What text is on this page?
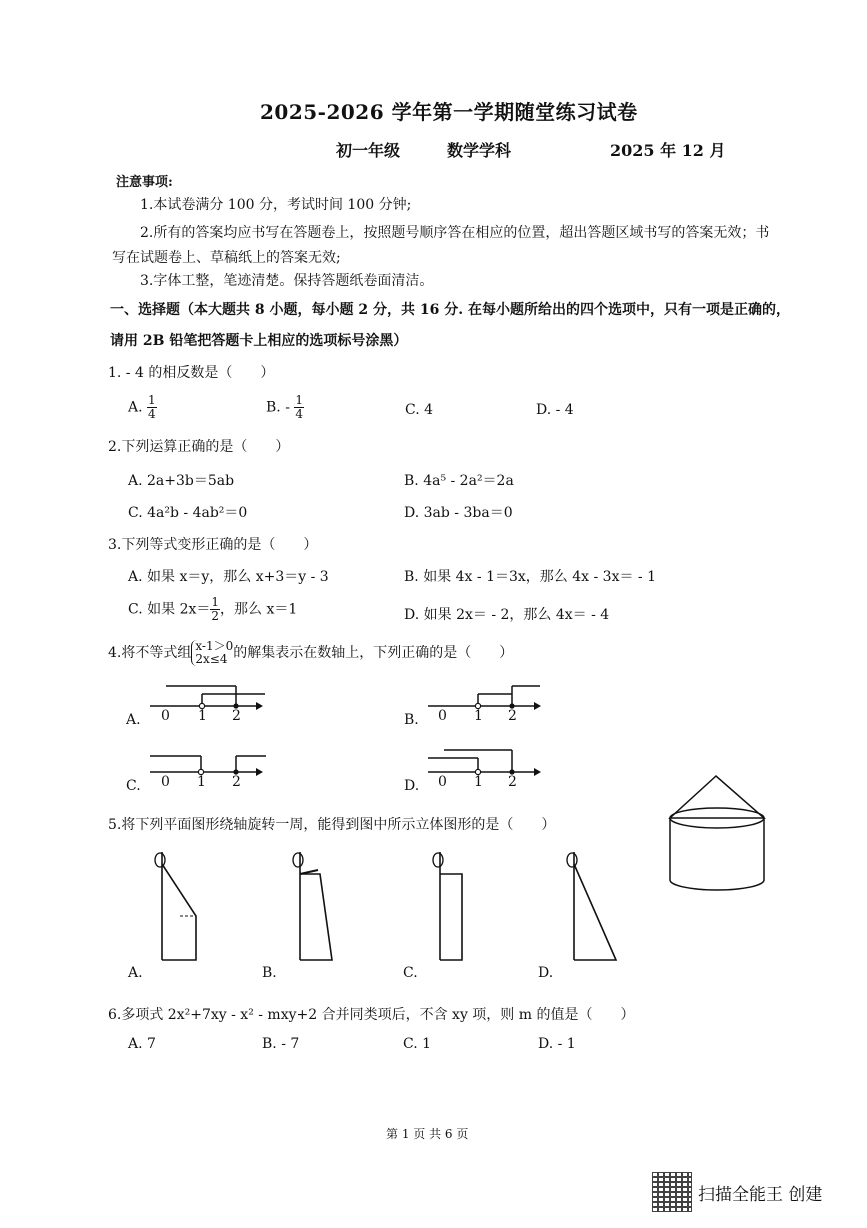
2025-2026 学年第一学期随堂练习试卷
初一年级	数学学科	2025 年 12 月
注意事项:
1.本试卷满分 100 分，考试时间 100 分钟;
2.所有的答案均应书写在答题卷上，按照题号顺序答在相应的位置，超出答题区域书写的答案无效；书
写在试题卷上、草稿纸上的答案无效;
3.字体工整，笔迹清楚。保持答题纸卷面清洁。
一、选择题（本大题共 8 小题，每小题 2 分，共 16 分. 在每小题所给出的四个选项中，只有一项是正确的，
请用 2B 铅笔把答题卡上相应的选项标号涂黑）
1. - 4 的相反数是（　　）
A. $\frac{1}{4}$	B. - $\frac{1}{4}$	C. 4	D. - 4
2.下列运算正确的是（　　）
A. 2a+3b＝5ab	B. 4a⁵ - 2a²＝2a
C. 4a²b - 4ab²＝0	D. 3ab - 3ba＝0
3.下列等式变形正确的是（　　）
A. 如果 x＝y，那么 x+3＝y - 3	B. 如果 4x - 1＝3x，那么 4x - 3x＝ - 1
C. 如果 $2x= \frac{1}{2}$ ，那么 x＝1	D. 如果 2x＝ - 2，那么 4x＝ - 4
4.将不等式组 x-1＞0
2x≤4 的解集表示在数轴上，下列正确的是（　　）
A. 0 1 2	B. 0 1 2
C. 0 1 2	D. 0 1 2
5.将下列平面图形绕轴旋转一周，能得到图中所示立体图形的是（　　）
A.	B.	C.	D.
6.多项式 2x²+7xy - x² - mxy+2 合并同类项后，不含 xy 项，则 m 的值是（　　）
A. 7	B. - 7	C. 1	D. - 1
第 1 页 共 6 页
扫描全能王 创建
